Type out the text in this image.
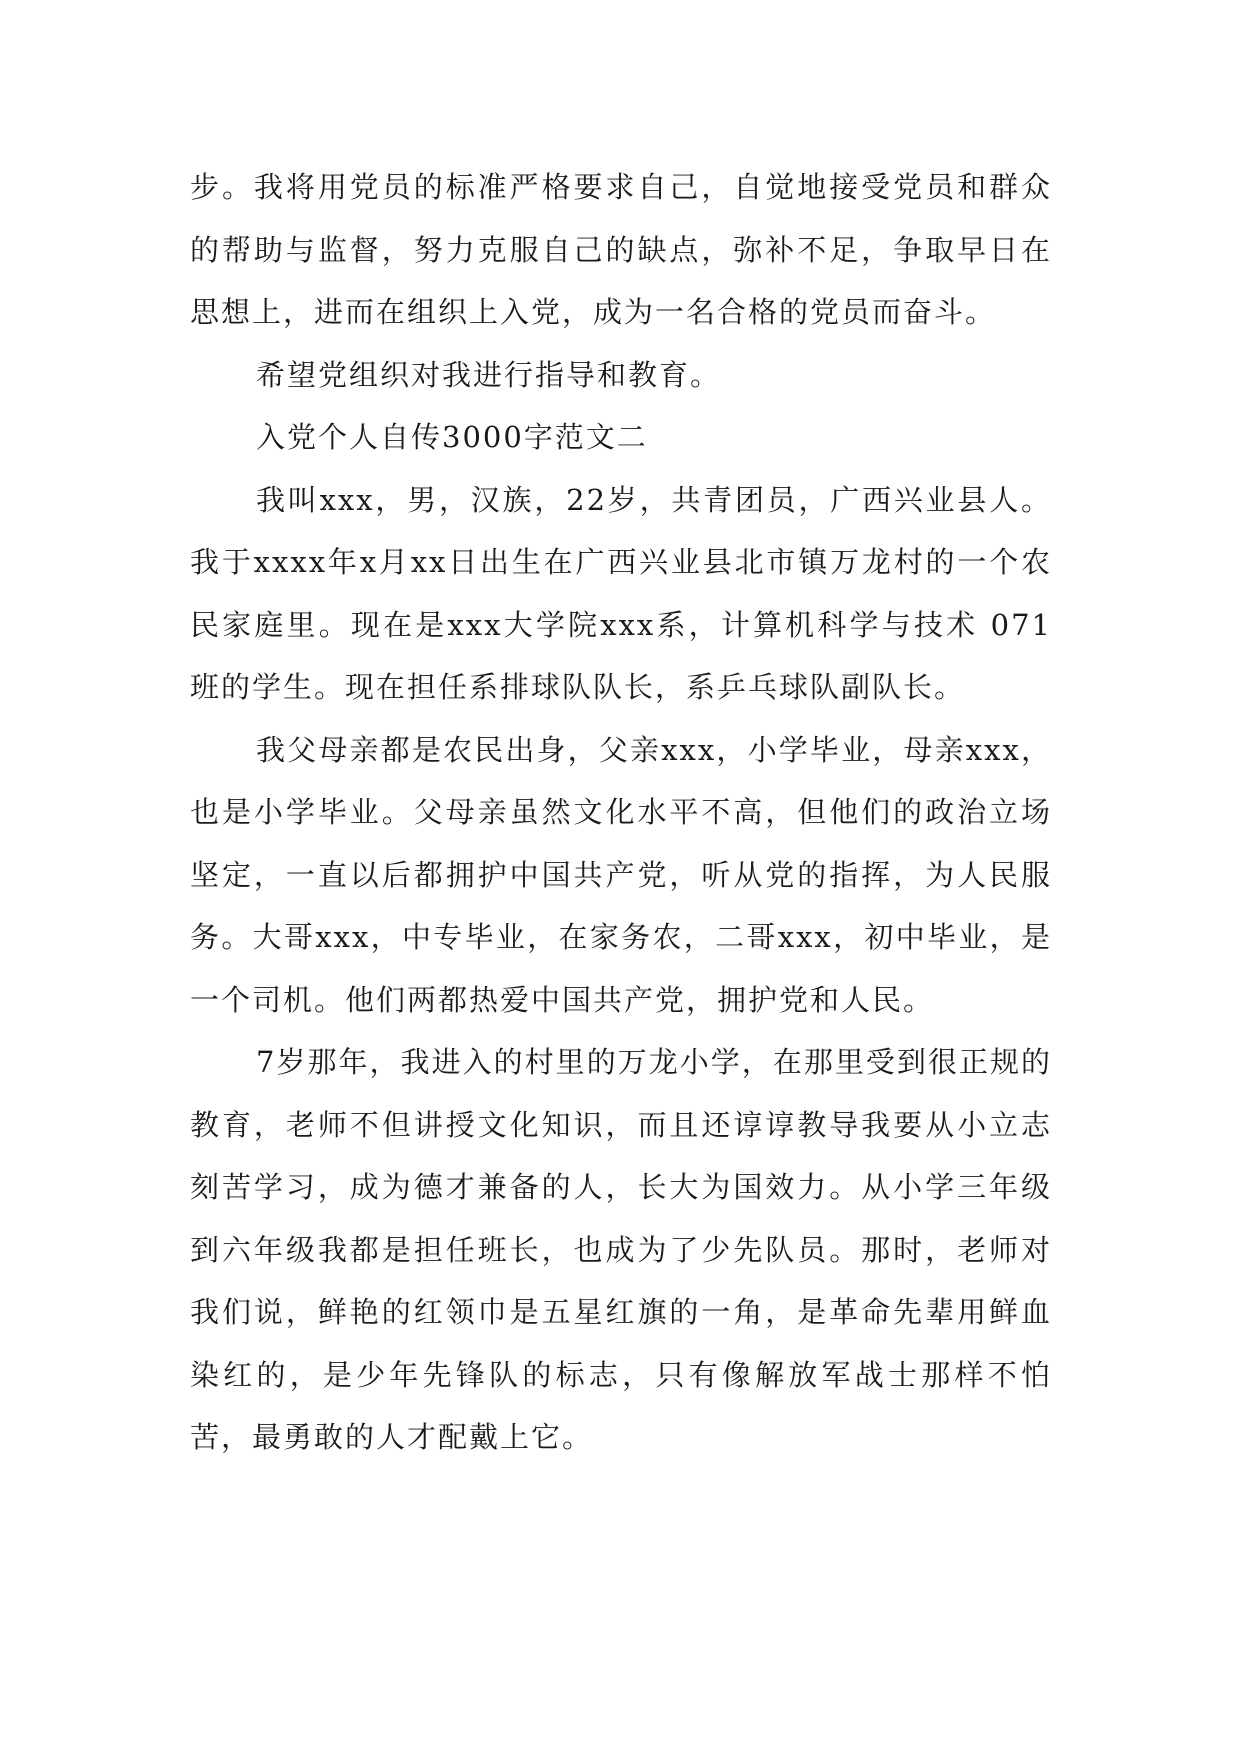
步。我将用党员的标准严格要求自己，自觉地接受党员和群众的帮助与监督，努力克服自己的缺点，弥补不足，争取早日在思想上，进而在组织上入党，成为一名合格的党员而奋斗。

希望党组织对我进行指导和教育。

入党个人自传3000字范文二

我叫xxx，男，汉族，22岁，共青团员，广西兴业县人。我于xxxx年x月xx日出生在广西兴业县北市镇万龙村的一个农民家庭里。现在是xxx大学院xxx系，计算机科学与技术 071班的学生。现在担任系排球队队长，系乒乓球队副队长。

我父母亲都是农民出身，父亲xxx，小学毕业，母亲xxx，也是小学毕业。父母亲虽然文化水平不高，但他们的政治立场坚定，一直以后都拥护中国共产党，听从党的指挥，为人民服务。大哥xxx，中专毕业，在家务农，二哥xxx，初中毕业，是一个司机。他们两都热爱中国共产党，拥护党和人民。

7岁那年，我进入的村里的万龙小学，在那里受到很正规的教育，老师不但讲授文化知识，而且还谆谆教导我要从小立志刻苦学习，成为德才兼备的人，长大为国效力。从小学三年级到六年级我都是担任班长，也成为了少先队员。那时，老师对我们说，鲜艳的红领巾是五星红旗的一角，是革命先辈用鲜血染红的，是少年先锋队的标志，只有像解放军战士那样不怕苦，最勇敢的人才配戴上它。
